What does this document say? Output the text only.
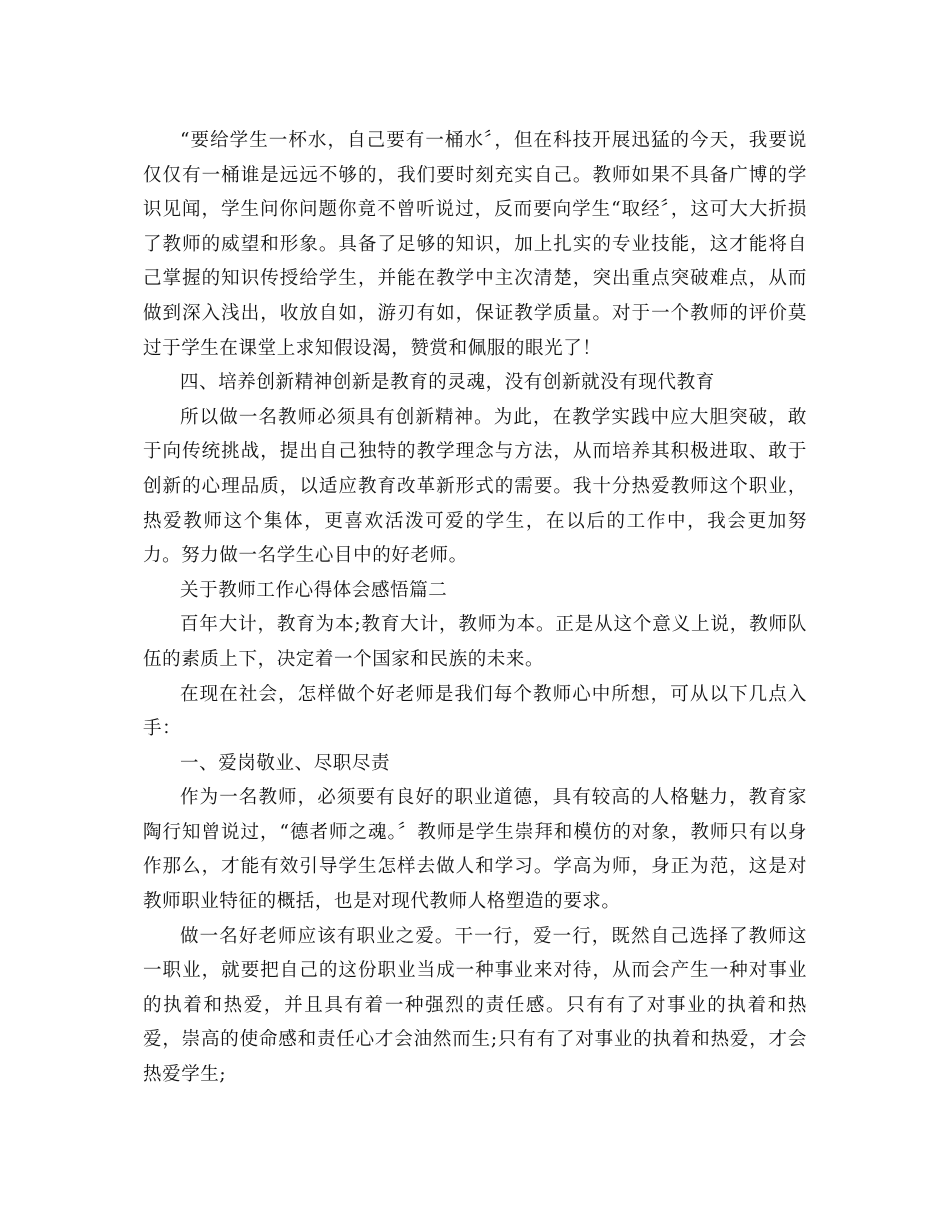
“要给学生一杯水，自己要有一桶水〞，但在科技开展迅猛的今天，我要说仅仅有一桶谁是远远不够的，我们要时刻充实自己。教师如果不具备广博的学识见闻，学生问你问题你竟不曾听说过，反而要向学生“取经〞，这可大大折损了教师的威望和形象。具备了足够的知识，加上扎实的专业技能，这才能将自己掌握的知识传授给学生，并能在教学中主次清楚，突出重点突破难点，从而做到深入浅出，收放自如，游刃有如，保证教学质量。对于一个教师的评价莫过于学生在课堂上求知假设渴，赞赏和佩服的眼光了！

四、培养创新精神创新是教育的灵魂，没有创新就没有现代教育

所以做一名教师必须具有创新精神。为此，在教学实践中应大胆突破，敢于向传统挑战，提出自己独特的教学理念与方法，从而培养其积极进取、敢于创新的心理品质，以适应教育改革新形式的需要。我十分热爱教师这个职业，热爱教师这个集体，更喜欢活泼可爱的学生，在以后的工作中，我会更加努力。努力做一名学生心目中的好老师。

关于教师工作心得体会感悟篇二

百年大计，教育为本;教育大计，教师为本。正是从这个意义上说，教师队伍的素质上下，决定着一个国家和民族的未来。

在现在社会，怎样做个好老师是我们每个教师心中所想，可从以下几点入手：

一、爱岗敬业、尽职尽责

作为一名教师，必须要有良好的职业道德，具有较高的人格魅力，教育家陶行知曾说过，“德者师之魂。〞教师是学生崇拜和模仿的对象，教师只有以身作那么，才能有效引导学生怎样去做人和学习。学高为师，身正为范，这是对教师职业特征的概括，也是对现代教师人格塑造的要求。

做一名好老师应该有职业之爱。干一行，爱一行，既然自己选择了教师这一职业，就要把自己的这份职业当成一种事业来对待，从而会产生一种对事业的执着和热爱，并且具有着一种强烈的责任感。只有有了对事业的执着和热爱，崇高的使命感和责任心才会油然而生;只有有了对事业的执着和热爱，才会热爱学生;
